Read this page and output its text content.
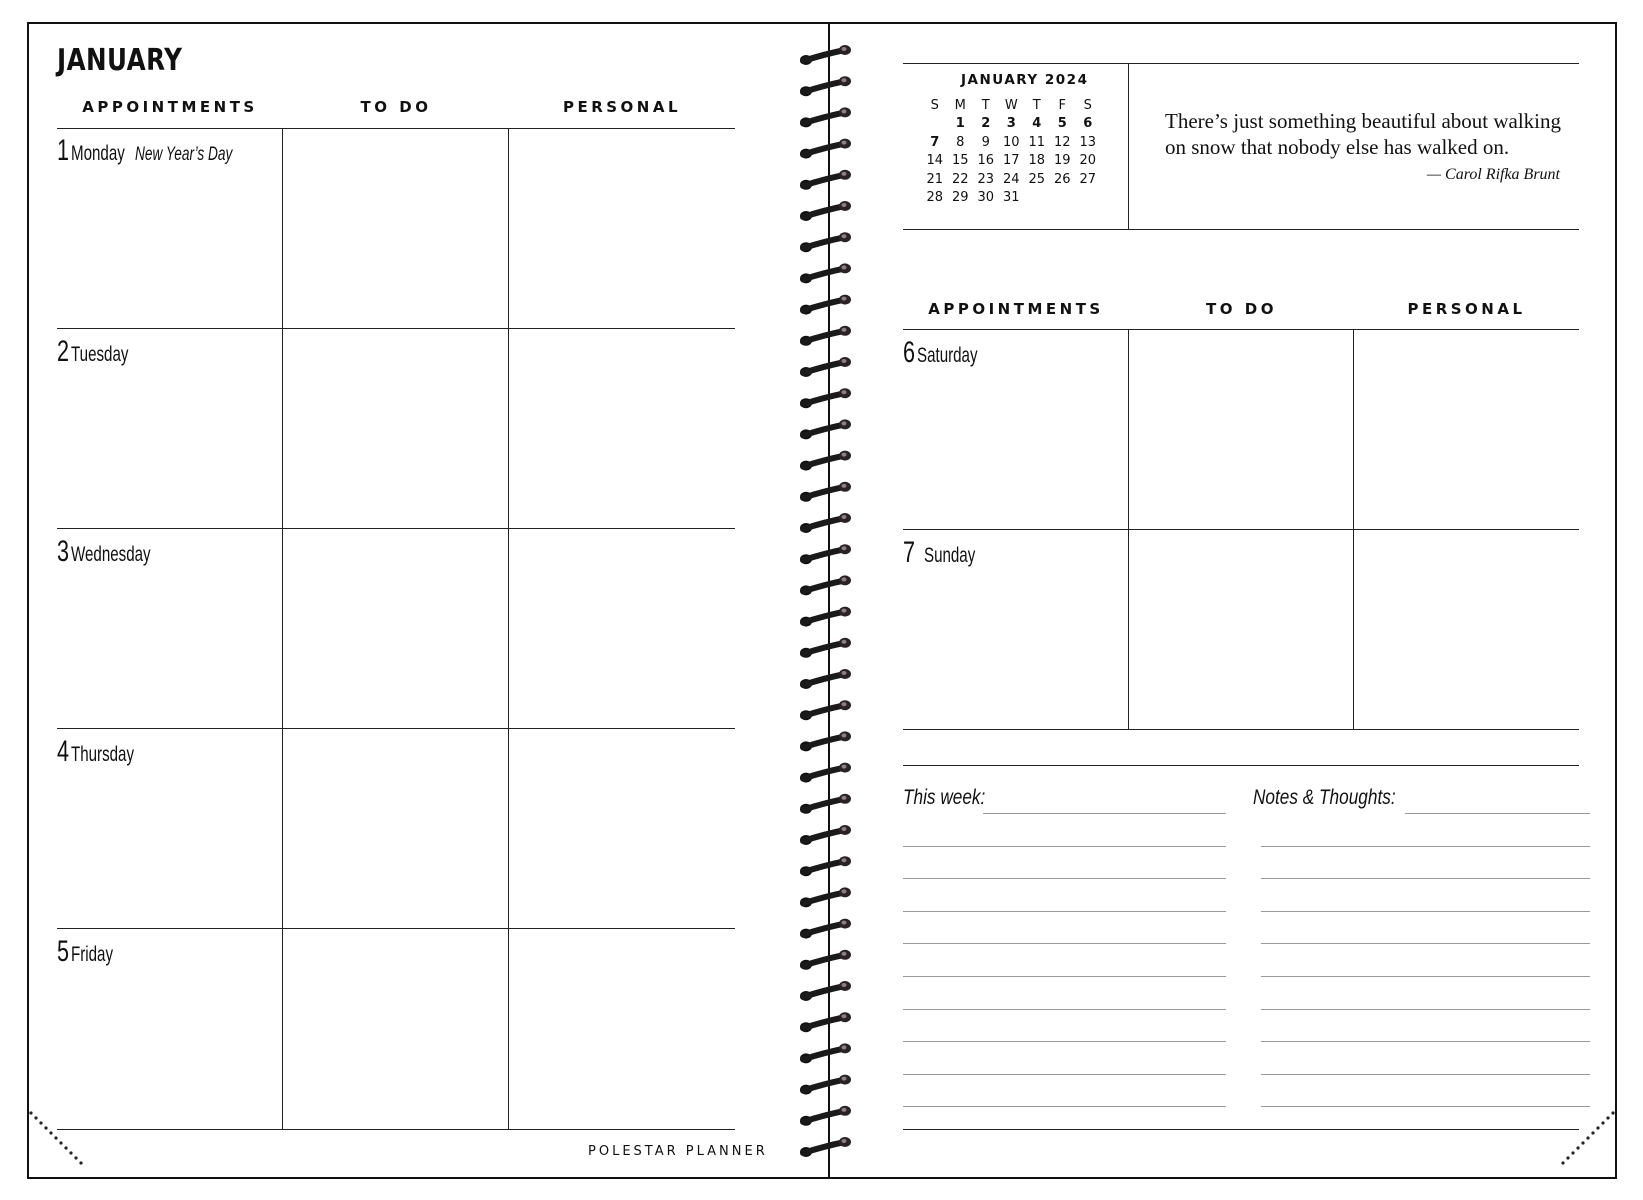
JANUARY
APPOINTMENTS	TO DO	PERSONAL
1 Monday New Year’s Day
2 Tuesday
3 Wednesday
4 Thursday
5 Friday
POLESTAR PLANNER
JANUARY 2024
S	M	T	W	T	F	S
	1	2	3	4	5	6
7	8	9	10	11	12	13
14	15	16	17	18	19	20
21	22	23	24	25	26	27
28	29	30	31			
There’s just something beautiful about walking
on snow that nobody else has walked on.
— Carol Rifka Brunt
APPOINTMENTS	TO DO	PERSONAL
6 Saturday
7 Sunday
This week:	Notes & Thoughts:
